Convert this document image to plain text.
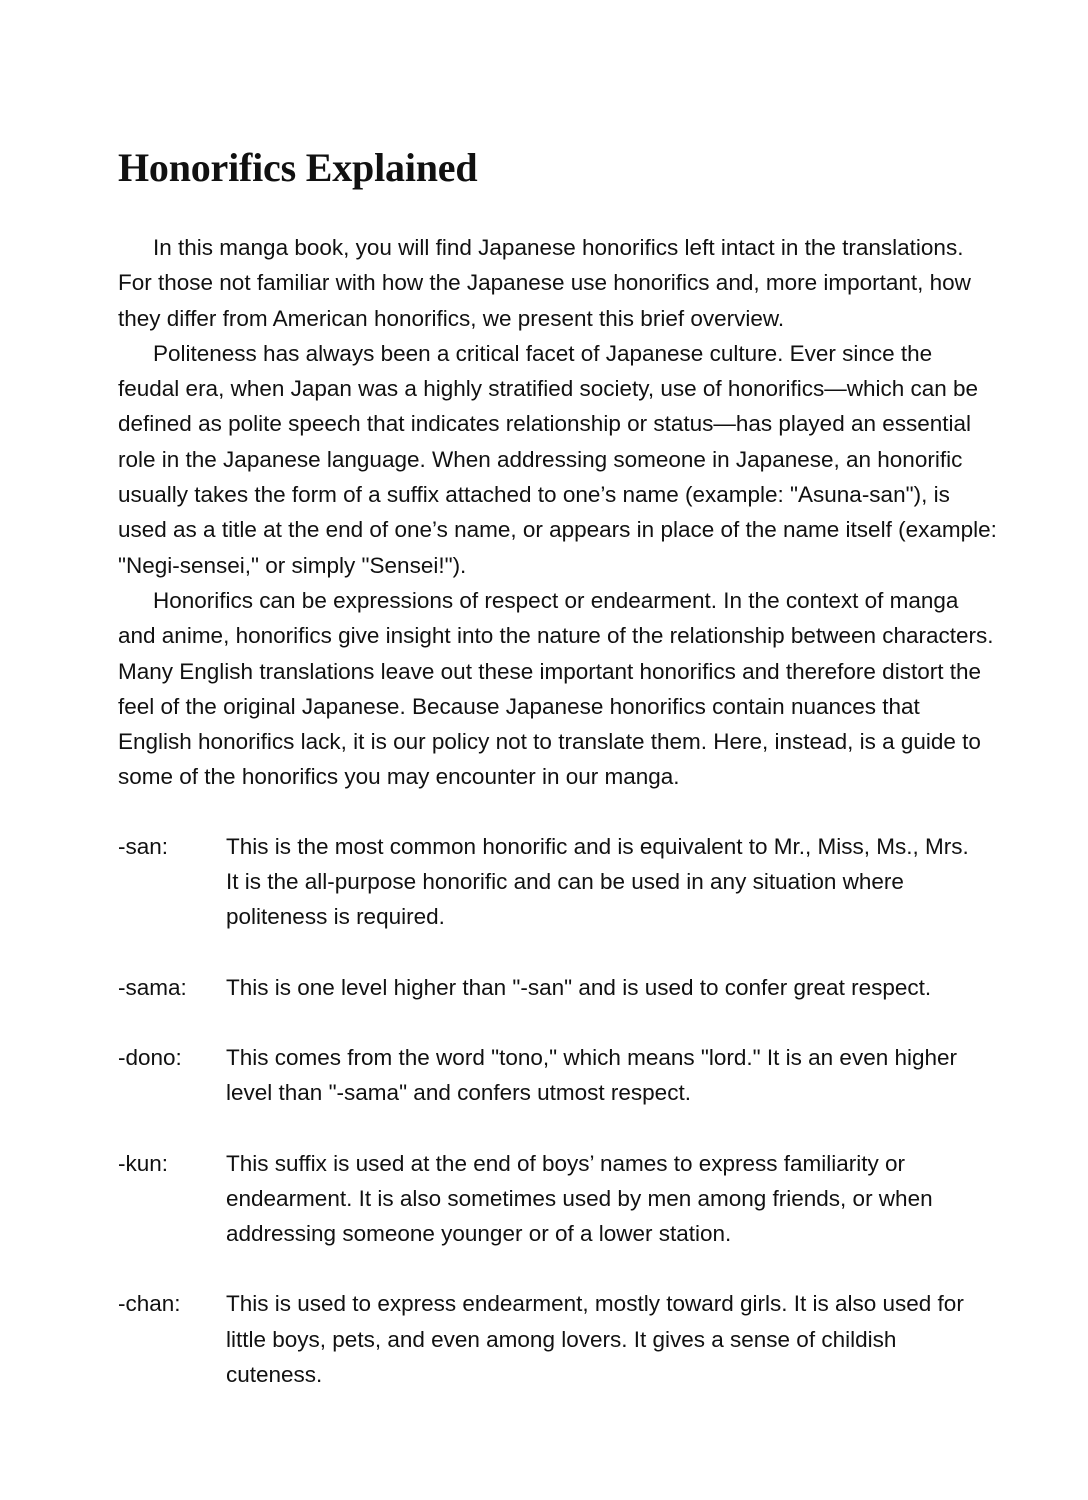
Honorifics Explained

In this manga book, you will find Japanese honorifics left intact in the translations. For those not familiar with how the Japanese use honorifics and, more important, how they differ from American honorifics, we present this brief overview.

Politeness has always been a critical facet of Japanese culture. Ever since the feudal era, when Japan was a highly stratified society, use of honorifics—which can be defined as polite speech that indicates relationship or status—has played an essential role in the Japanese language. When addressing someone in Japanese, an honorific usually takes the form of a suffix attached to one’s name (example: "Asuna-san"), is used as a title at the end of one’s name, or appears in place of the name itself (example: "Negi-sensei," or simply "Sensei!").

Honorifics can be expressions of respect or endearment. In the context of manga and anime, honorifics give insight into the nature of the relationship between characters. Many English translations leave out these important honorifics and therefore distort the feel of the original Japanese. Because Japanese honorifics contain nuances that English honorifics lack, it is our policy not to translate them. Here, instead, is a guide to some of the honorifics you may encounter in our manga.

-san:	This is the most common honorific and is equivalent to Mr., Miss, Ms., Mrs. It is the all-purpose honorific and can be used in any situation where politeness is required.
-sama:	This is one level higher than "-san" and is used to confer great respect.
-dono:	This comes from the word "tono," which means "lord." It is an even higher level than "-sama" and confers utmost respect.
-kun:	This suffix is used at the end of boys’ names to express familiarity or endearment. It is also sometimes used by men among friends, or when addressing someone younger or of a lower station.
-chan:	This is used to express endearment, mostly toward girls. It is also used for little boys, pets, and even among lovers. It gives a sense of childish cuteness.
